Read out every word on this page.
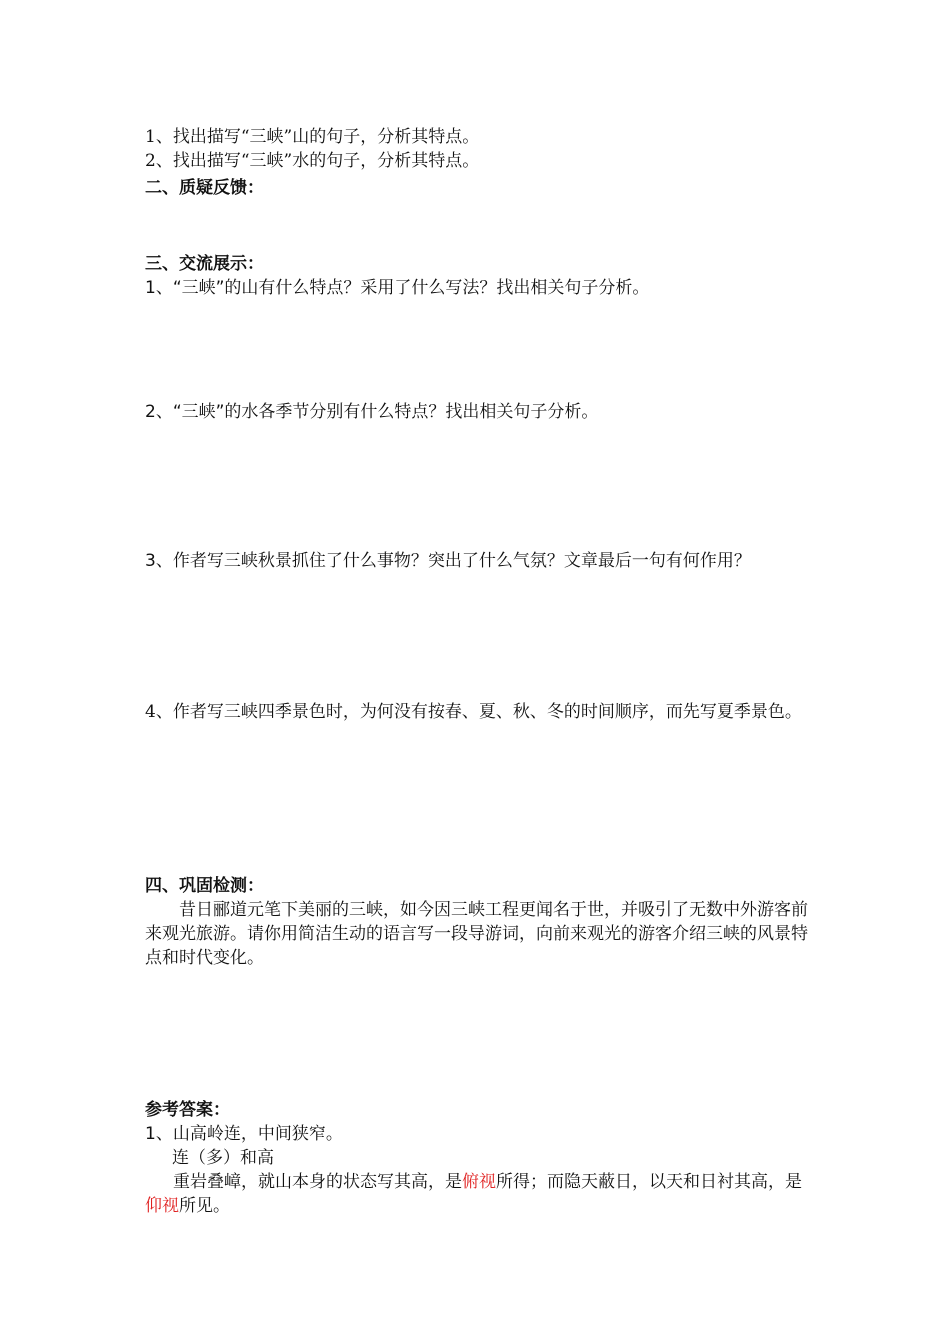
1、找出描写“三峡”山的句子，分析其特点。
2、找出描写“三峡”水的句子，分析其特点。
二、质疑反馈：
三、交流展示：
1、“三峡”的山有什么特点？采用了什么写法？找出相关句子分析。
2、“三峡”的水各季节分别有什么特点？找出相关句子分析。
3、作者写三峡秋景抓住了什么事物？突出了什么气氛？文章最后一句有何作用？
4、作者写三峡四季景色时，为何没有按春、夏、秋、冬的时间顺序，而先写夏季景色。
四、巩固检测：
昔日郦道元笔下美丽的三峡，如今因三峡工程更闻名于世，并吸引了无数中外游客前来观光旅游。请你用简洁生动的语言写一段导游词，向前来观光的游客介绍三峡的风景特点和时代变化。
参考答案：
1、山高岭连，中间狭窄。
连（多）和高
重岩叠嶂，就山本身的状态写其高，是俯视所得；而隐天蔽日，以天和日衬其高，是仰视所见。
